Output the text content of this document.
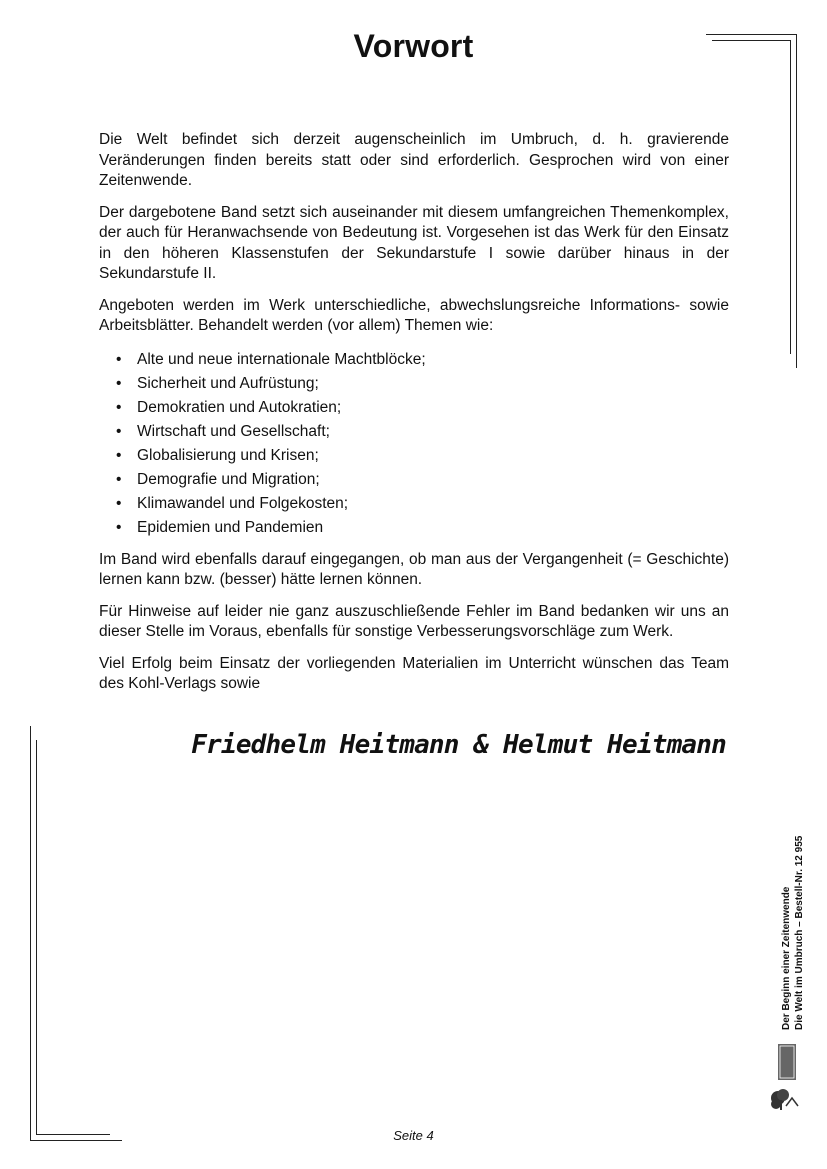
Vorwort

Die Welt befindet sich derzeit augenscheinlich im Umbruch, d. h. gravierende Veränderungen finden bereits statt oder sind erforderlich. Gesprochen wird von einer Zeitenwende.

Der dargebotene Band setzt sich auseinander mit diesem umfangreichen Themenkomplex, der auch für Heranwachsende von Bedeutung ist. Vorgesehen ist das Werk für den Einsatz in den höheren Klassenstufen der Sekundarstufe I sowie darüber hinaus in der Sekundarstufe II.

Angeboten werden im Werk unterschiedliche, abwechslungsreiche Informations- sowie Arbeitsblätter. Behandelt werden (vor allem) Themen wie:

• Alte und neue internationale Machtblöcke;
• Sicherheit und Aufrüstung;
• Demokratien und Autokratien;
• Wirtschaft und Gesellschaft;
• Globalisierung und Krisen;
• Demografie und Migration;
• Klimawandel und Folgekosten;
• Epidemien und Pandemien

Im Band wird ebenfalls darauf eingegangen, ob man aus der Vergangenheit (= Geschichte) lernen kann bzw. (besser) hätte lernen können.

Für Hinweise auf leider nie ganz auszuschließende Fehler im Band bedanken wir uns an dieser Stelle im Voraus, ebenfalls für sonstige Verbesserungsvorschläge zum Werk.

Viel Erfolg beim Einsatz der vorliegenden Materialien im Unterricht wünschen das Team des Kohl-Verlags sowie

Friedhelm Heitmann & Helmut Heitmann
Der Beginn einer Zeitenwende Die Welt im Umbruch – Bestell-Nr. 12 955
Seite 4
